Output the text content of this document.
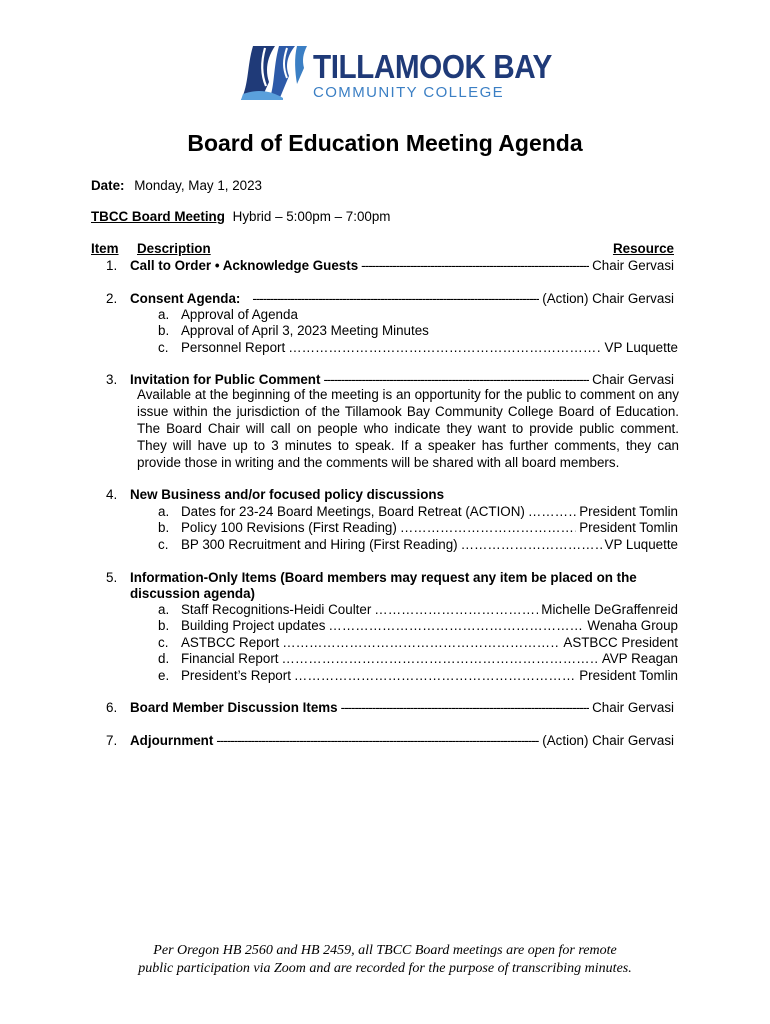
TILLAMOOK BAY
COMMUNITY COLLEGE
Board of Education Meeting Agenda
Date: Monday, May 1, 2023
TBCC Board Meeting Hybrid – 5:00pm – 7:00pm
Item Description	Resource
1. Call to Order • Acknowledge Guests -----	Chair Gervasi
2. Consent Agenda: -----	(Action) Chair Gervasi
a. Approval of Agenda
b. Approval of April 3, 2023 Meeting Minutes
c. Personnel Report ………………………………………………………………………………………………………………………………………………………………………………	VP Luquette
3. Invitation for Public Comment -----	Chair Gervasi
Available at the beginning of the meeting is an opportunity for the public to comment on any issue within the jurisdiction of the Tillamook Bay Community College Board of Education. The Board Chair will call on people who indicate they want to provide public comment. They will have up to 3 minutes to speak. If a speaker has further comments, they can provide those in writing and the comments will be shared with all board members.
4. New Business and/or focused policy discussions
a. Dates for 23-24 Board Meetings, Board Retreat (ACTION) ………………………………………………………………………………………………………………………………………………………………………………	President Tomlin
b. Policy 100 Revisions (First Reading) ………………………………………………………………………………………………………………………………………………………………………………	President Tomlin
c. BP 300 Recruitment and Hiring (First Reading) ………………………………………………………………………………………………………………………………………………………………………………	VP Luquette
5. Information-Only Items (Board members may request any item be placed on the
discussion agenda)
a. Staff Recognitions-Heidi Coulter ………………………………………………………………………………………………………………………………………………………………………………	Michelle DeGraffenreid
b. Building Project updates ………………………………………………………………………………………………………………………………………………………………………………	Wenaha Group
c. ASTBCC Report ………………………………………………………………………………………………………………………………………………………………………………	ASTBCC President
d. Financial Report ………………………………………………………………………………………………………………………………………………………………………………	AVP Reagan
e. President’s Report ………………………………………………………………………………………………………………………………………………………………………………	President Tomlin
6. Board Member Discussion Items -----	Chair Gervasi
7. Adjournment -----	(Action) Chair Gervasi
Per Oregon HB 2560 and HB 2459, all TBCC Board meetings are open for remote
public participation via Zoom and are recorded for the purpose of transcribing minutes.
